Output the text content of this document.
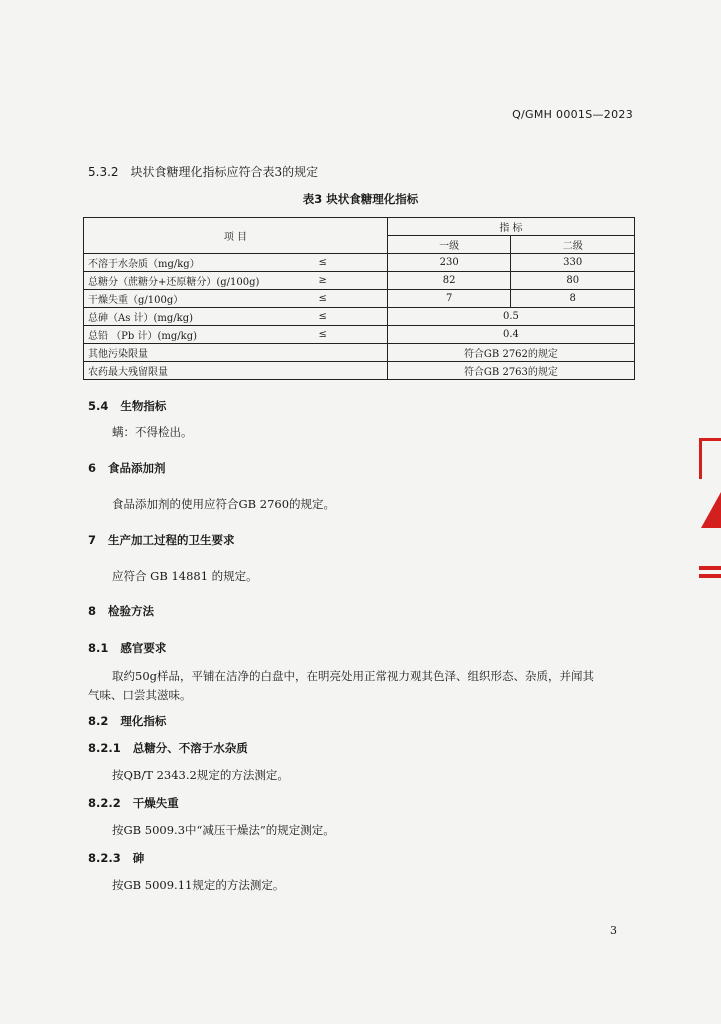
Q/GMH 0001S—2023
5.3.2 块状食糖理化指标应符合表3的规定
表3 块状食糖理化指标
项 目		指 标	
		一级	二级
不溶于水杂质（mg/kg）	≤	230	330
总糖分（蔗糖分+还原糖分）(g/100g)	≥	82	80
干燥失重（g/100g）	≤	7	8
总砷（As 计）(mg/kg)	≤	0.5	
总铅 （Pb 计）(mg/kg)	≤	0.4	
其他污染限量		符合GB 2762的规定	
农药最大残留限量		符合GB 2763的规定	
5.4 生物指标
螨：不得检出。
6 食品添加剂
食品添加剂的使用应符合GB 2760的规定。
7 生产加工过程的卫生要求
应符合 GB 14881 的规定。
8 检验方法
8.1 感官要求
取约50g样品，平铺在洁净的白盘中，在明亮处用正常视力观其色泽、组织形态、杂质，并闻其
气味、口尝其滋味。
8.2 理化指标
8.2.1 总糖分、不溶于水杂质
按QB/T 2343.2规定的方法测定。
8.2.2 干燥失重
按GB 5009.3中“减压干燥法”的规定测定。
8.2.3 砷
按GB 5009.11规定的方法测定。
3
